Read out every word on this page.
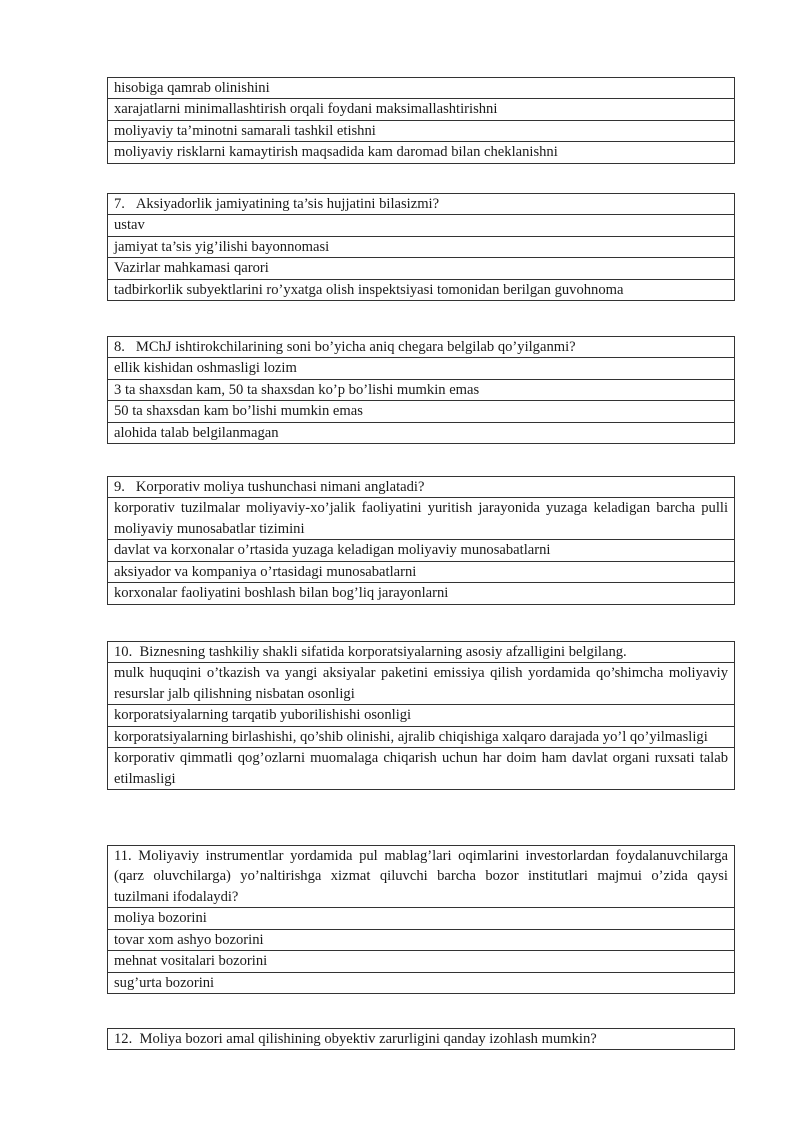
hisobiga qamrab olinishini
xarajatlarni minimallashtirish orqali foydani maksimallashtirishni
moliyaviy ta’minotni samarali tashkil etishni
moliyaviy risklarni kamaytirish maqsadida kam daromad bilan cheklanishni
7.   Aksiyadorlik jamiyatining ta’sis hujjatini bilasizmi?
ustav
jamiyat ta’sis yig’ilishi bayonnomasi
Vazirlar mahkamasi qarori
tadbirkorlik subyektlarini ro’yxatga olish inspektsiyasi tomonidan berilgan guvohnoma
8.   MChJ ishtirokchilarining soni bo’yicha aniq chegara belgilab qo’yilganmi?
ellik kishidan oshmasligi lozim
3 ta shaxsdan kam, 50 ta shaxsdan ko’p bo’lishi mumkin emas
50 ta shaxsdan kam bo’lishi mumkin emas
alohida talab belgilanmagan
9.   Korporativ moliya tushunchasi nimani anglatadi?
korporativ tuzilmalar moliyaviy-xo’jalik faoliyatini yuritish jarayonida yuzaga keladigan barcha pulli moliyaviy munosabatlar tizimini
davlat va korxonalar o’rtasida yuzaga keladigan moliyaviy munosabatlarni
aksiyador va kompaniya o’rtasidagi munosabatlarni
korxonalar faoliyatini boshlash bilan bog’liq jarayonlarni
10.  Biznesning tashkiliy shakli sifatida korporatsiyalarning asosiy afzalligini belgilang.
mulk huquqini o’tkazish va yangi aksiyalar paketini emissiya qilish yordamida qo’shimcha moliyaviy resurslar jalb qilishning nisbatan osonligi
korporatsiyalarning tarqatib yuborilishishi osonligi
korporatsiyalarning birlashishi, qo’shib olinishi, ajralib chiqishiga xalqaro darajada yo’l qo’yilmasligi
korporativ qimmatli qog’ozlarni muomalaga chiqarish uchun har doim ham davlat organi ruxsati talab etilmasligi
11. Moliyaviy instrumentlar yordamida pul mablag’lari oqimlarini investorlardan foydalanuvchilarga (qarz oluvchilarga) yo’naltirishga xizmat qiluvchi barcha bozor institutlari majmui o’zida qaysi tuzilmani ifodalaydi?
moliya bozorini
tovar xom ashyo bozorini
mehnat vositalari bozorini
sug’urta bozorini
12.  Moliya bozori amal qilishining obyektiv zarurligini qanday izohlash mumkin?
